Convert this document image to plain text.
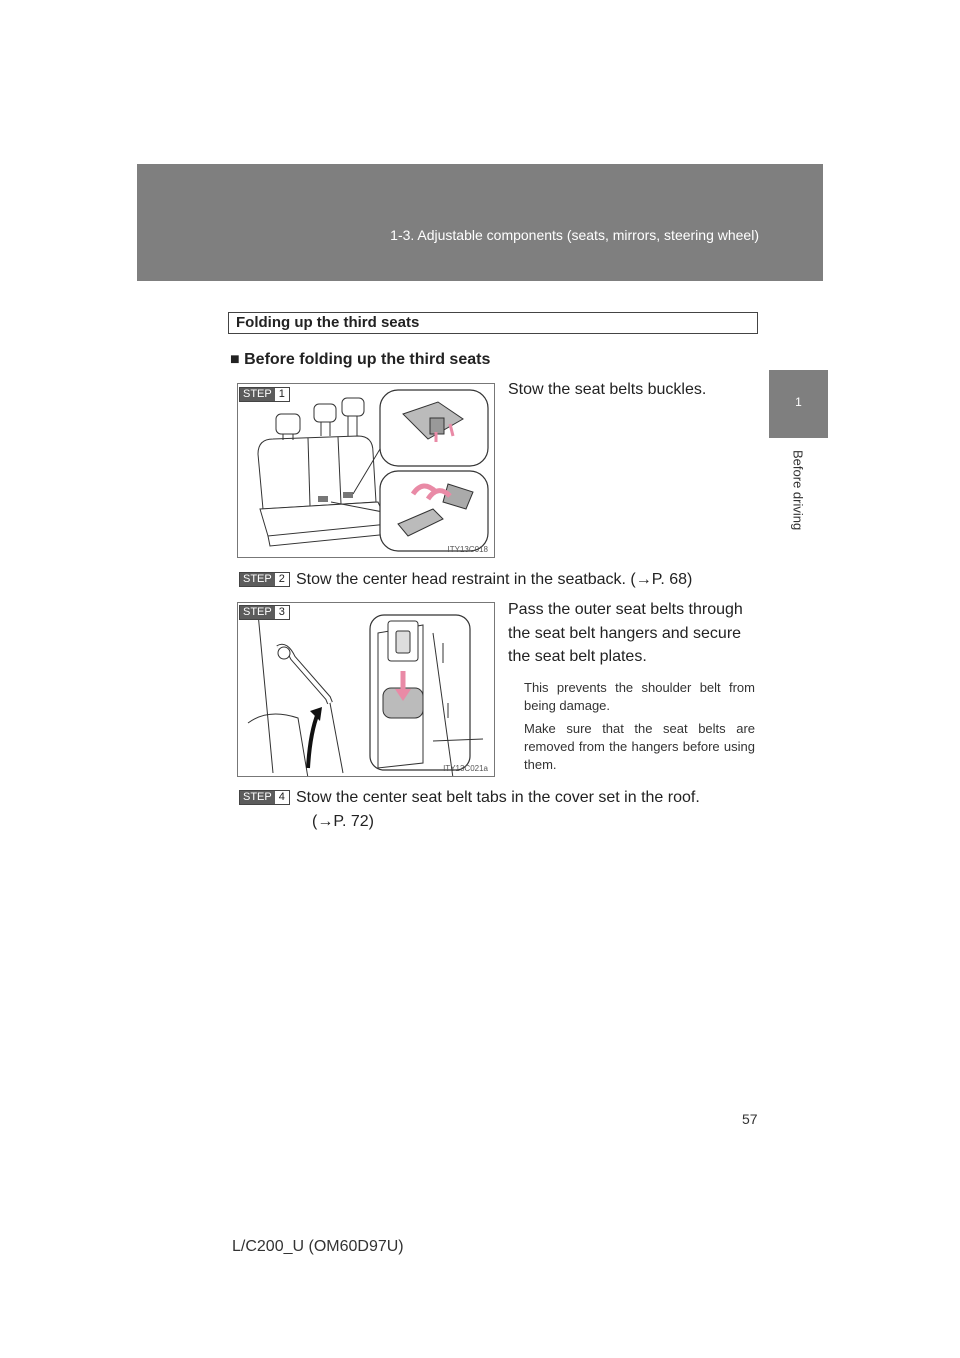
1-3. Adjustable components (seats, mirrors, steering wheel)
1
Before driving
Folding up the third seats
■ Before folding up the third seats
ITY13C018
STEP 1	Stow the seat belts buckles.
STEP 2 Stow the center head restraint in the seatback. (→P. 68)
ITY13C021a
STEP 3	Pass the outer seat belts through
the seat belt hangers and secure
the seat belt plates.
This prevents the shoulder belt from being damage.
Make sure that the seat belts are removed from the hangers before using them.
STEP 4 Stow the center seat belt tabs in the cover set in the roof.
(→P. 72)
57
L/C200_U (OM60D97U)
